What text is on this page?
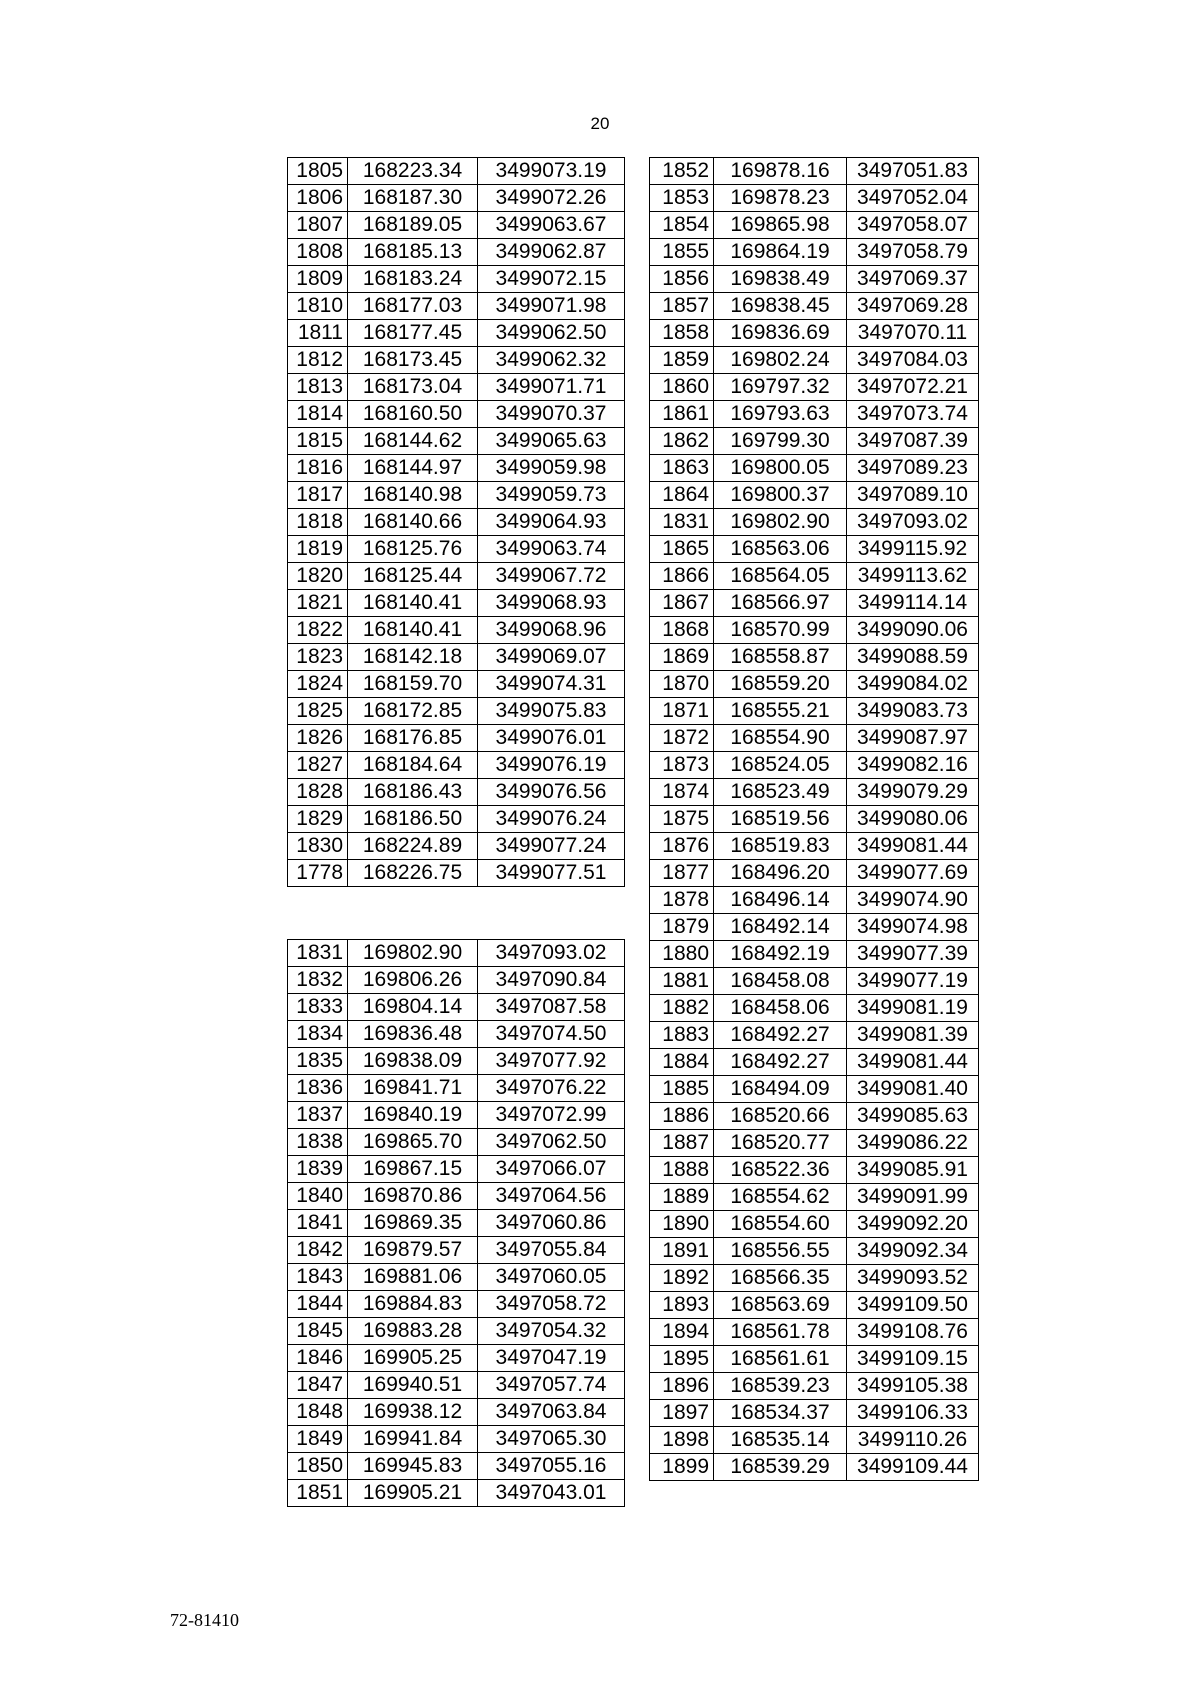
20
1805	168223.34	3499073.19
1806	168187.30	3499072.26
1807	168189.05	3499063.67
1808	168185.13	3499062.87
1809	168183.24	3499072.15
1810	168177.03	3499071.98
1811	168177.45	3499062.50
1812	168173.45	3499062.32
1813	168173.04	3499071.71
1814	168160.50	3499070.37
1815	168144.62	3499065.63
1816	168144.97	3499059.98
1817	168140.98	3499059.73
1818	168140.66	3499064.93
1819	168125.76	3499063.74
1820	168125.44	3499067.72
1821	168140.41	3499068.93
1822	168140.41	3499068.96
1823	168142.18	3499069.07
1824	168159.70	3499074.31
1825	168172.85	3499075.83
1826	168176.85	3499076.01
1827	168184.64	3499076.19
1828	168186.43	3499076.56
1829	168186.50	3499076.24
1830	168224.89	3499077.24
1778	168226.75	3499077.51
1831	169802.90	3497093.02
1832	169806.26	3497090.84
1833	169804.14	3497087.58
1834	169836.48	3497074.50
1835	169838.09	3497077.92
1836	169841.71	3497076.22
1837	169840.19	3497072.99
1838	169865.70	3497062.50
1839	169867.15	3497066.07
1840	169870.86	3497064.56
1841	169869.35	3497060.86
1842	169879.57	3497055.84
1843	169881.06	3497060.05
1844	169884.83	3497058.72
1845	169883.28	3497054.32
1846	169905.25	3497047.19
1847	169940.51	3497057.74
1848	169938.12	3497063.84
1849	169941.84	3497065.30
1850	169945.83	3497055.16
1851	169905.21	3497043.01
1852	169878.16	3497051.83
1853	169878.23	3497052.04
1854	169865.98	3497058.07
1855	169864.19	3497058.79
1856	169838.49	3497069.37
1857	169838.45	3497069.28
1858	169836.69	3497070.11
1859	169802.24	3497084.03
1860	169797.32	3497072.21
1861	169793.63	3497073.74
1862	169799.30	3497087.39
1863	169800.05	3497089.23
1864	169800.37	3497089.10
1831	169802.90	3497093.02
1865	168563.06	3499115.92
1866	168564.05	3499113.62
1867	168566.97	3499114.14
1868	168570.99	3499090.06
1869	168558.87	3499088.59
1870	168559.20	3499084.02
1871	168555.21	3499083.73
1872	168554.90	3499087.97
1873	168524.05	3499082.16
1874	168523.49	3499079.29
1875	168519.56	3499080.06
1876	168519.83	3499081.44
1877	168496.20	3499077.69
1878	168496.14	3499074.90
1879	168492.14	3499074.98
1880	168492.19	3499077.39
1881	168458.08	3499077.19
1882	168458.06	3499081.19
1883	168492.27	3499081.39
1884	168492.27	3499081.44
1885	168494.09	3499081.40
1886	168520.66	3499085.63
1887	168520.77	3499086.22
1888	168522.36	3499085.91
1889	168554.62	3499091.99
1890	168554.60	3499092.20
1891	168556.55	3499092.34
1892	168566.35	3499093.52
1893	168563.69	3499109.50
1894	168561.78	3499108.76
1895	168561.61	3499109.15
1896	168539.23	3499105.38
1897	168534.37	3499106.33
1898	168535.14	3499110.26
1899	168539.29	3499109.44
72-81410
